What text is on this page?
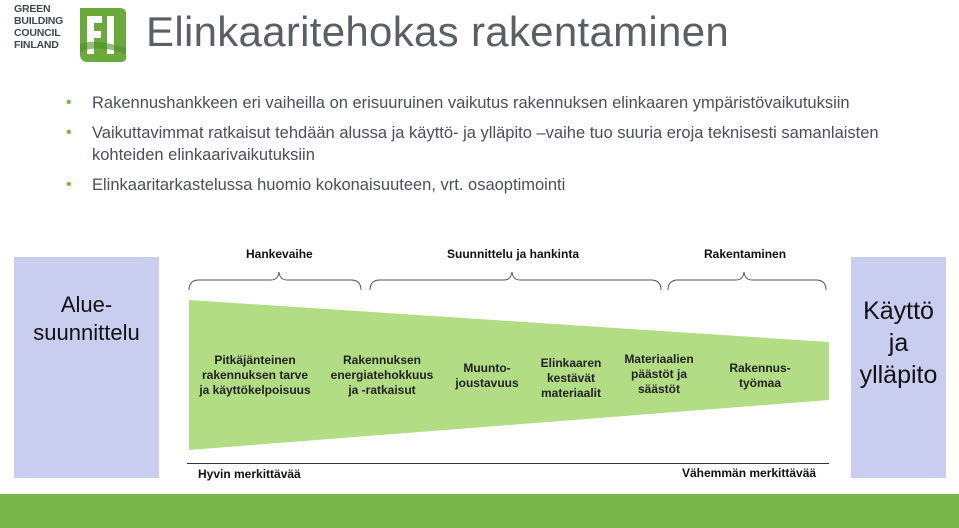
GREEN
BUILDING
COUNCIL
FINLAND	Elinkaaritehokas rakentaminen
• Rakennushankkeen eri vaiheilla on erisuuruinen vaikutus rakennuksen elinkaaren ympäristövaikutuksiin
• Vaikuttavimmat ratkaisut tehdään alussa ja käyttö- ja ylläpito –vaihe tuo suuria eroja teknisesti samanlaisten kohteiden elinkaarivaikutuksiin
• Elinkaaritarkastelussa huomio kokonaisuuteen, vrt. osaoptimointi
Hankevaihe	Suunnittelu ja hankinta	Rakentaminen
Alue-
suunnittelu
Käyttö
ja
ylläpito
Pitkäjänteinen
rakennuksen tarve
ja käyttökelpoisuus
Rakennuksen
energiatehokkuus
ja -ratkaisut
Muunto-
joustavuus
Elinkaaren
kestävät
materiaalit
Materiaalien
päästöt ja
säästöt
Rakennus-
työmaa
Hyvin merkittävää	Vähemmän merkittävää
